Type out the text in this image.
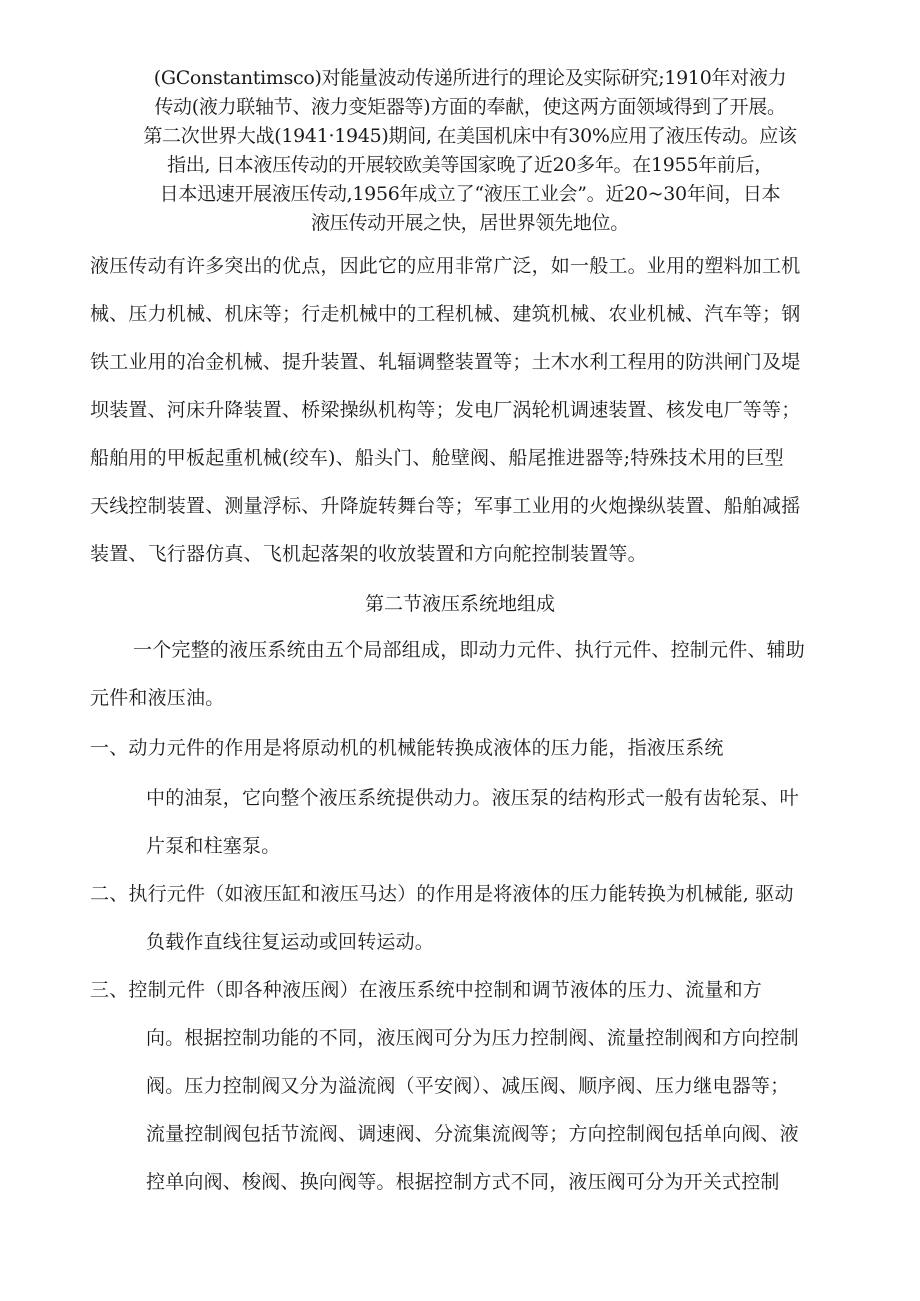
(GConstantimsco)对能量波动传递所进行的理论及实际研究;1910年对液力
传动(液力联轴节、液力变矩器等)方面的奉献，使这两方面领域得到了开展。
第二次世界大战(1941·1945)期间, 在美国机床中有30%应用了液压传动。应该
指出, 日本液压传动的开展较欧美等国家晚了近20多年。在1955年前后，
日本迅速开展液压传动,1956年成立了“液压工业会”。近20~30年间，日本
液压传动开展之快，居世界领先地位。
液压传动有许多突出的优点，因此它的应用非常广泛，如一般工。业用的塑料加工机
械、压力机械、机床等；行走机械中的工程机械、建筑机械、农业机械、汽车等；钢
铁工业用的冶金机械、提升装置、轧辐调整装置等；土木水利工程用的防洪闸门及堤
坝装置、河床升降装置、桥梁操纵机构等；发电厂涡轮机调速装置、核发电厂等等；
船舶用的甲板起重机械(绞车)、船头门、舱壁阀、船尾推进器等;特殊技术用的巨型
天线控制装置、测量浮标、升降旋转舞台等；军事工业用的火炮操纵装置、船舶减摇
装置、飞行器仿真、飞机起落架的收放装置和方向舵控制装置等。
第二节液压系统地组成
一个完整的液压系统由五个局部组成，即动力元件、执行元件、控制元件、辅助
元件和液压油。
一、动力元件的作用是将原动机的机械能转换成液体的压力能，指液压系统
中的油泵，它向整个液压系统提供动力。液压泵的结构形式一般有齿轮泵、叶
片泵和柱塞泵。
二、执行元件（如液压缸和液压马达）的作用是将液体的压力能转换为机械能, 驱动
负载作直线往复运动或回转运动。
三、控制元件（即各种液压阀）在液压系统中控制和调节液体的压力、流量和方
向。根据控制功能的不同，液压阀可分为压力控制阀、流量控制阀和方向控制
阀。压力控制阀又分为溢流阀（平安阀）、减压阀、顺序阀、压力继电器等；
流量控制阀包括节流阀、调速阀、分流集流阀等；方向控制阀包括单向阀、液
控单向阀、梭阀、换向阀等。根据控制方式不同，液压阀可分为开关式控制
